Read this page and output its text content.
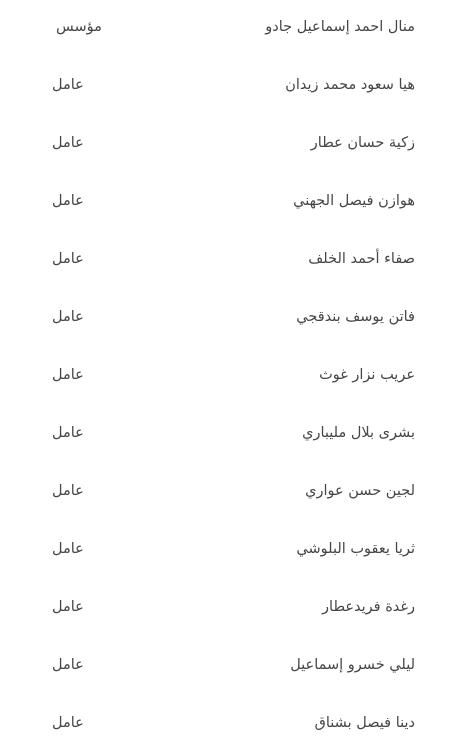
منال احمد إسماعيل جادو
مؤسس
هيا سعود محمد زيدان
عامل
زكية حسان عطار
عامل
هوازن فيصل الجهني
عامل
صفاء أحمد الخلف
عامل
فاتن يوسف بندقجي
عامل
عريب نزار غوث
عامل
بشرى بلال مليباري
عامل
لجين حسن عواري
عامل
ثريا يعقوب البلوشي
عامل
رغدة فريدعطار
عامل
ليلي خسرو إسماعيل
عامل
دينا فيصل بشناق
عامل
